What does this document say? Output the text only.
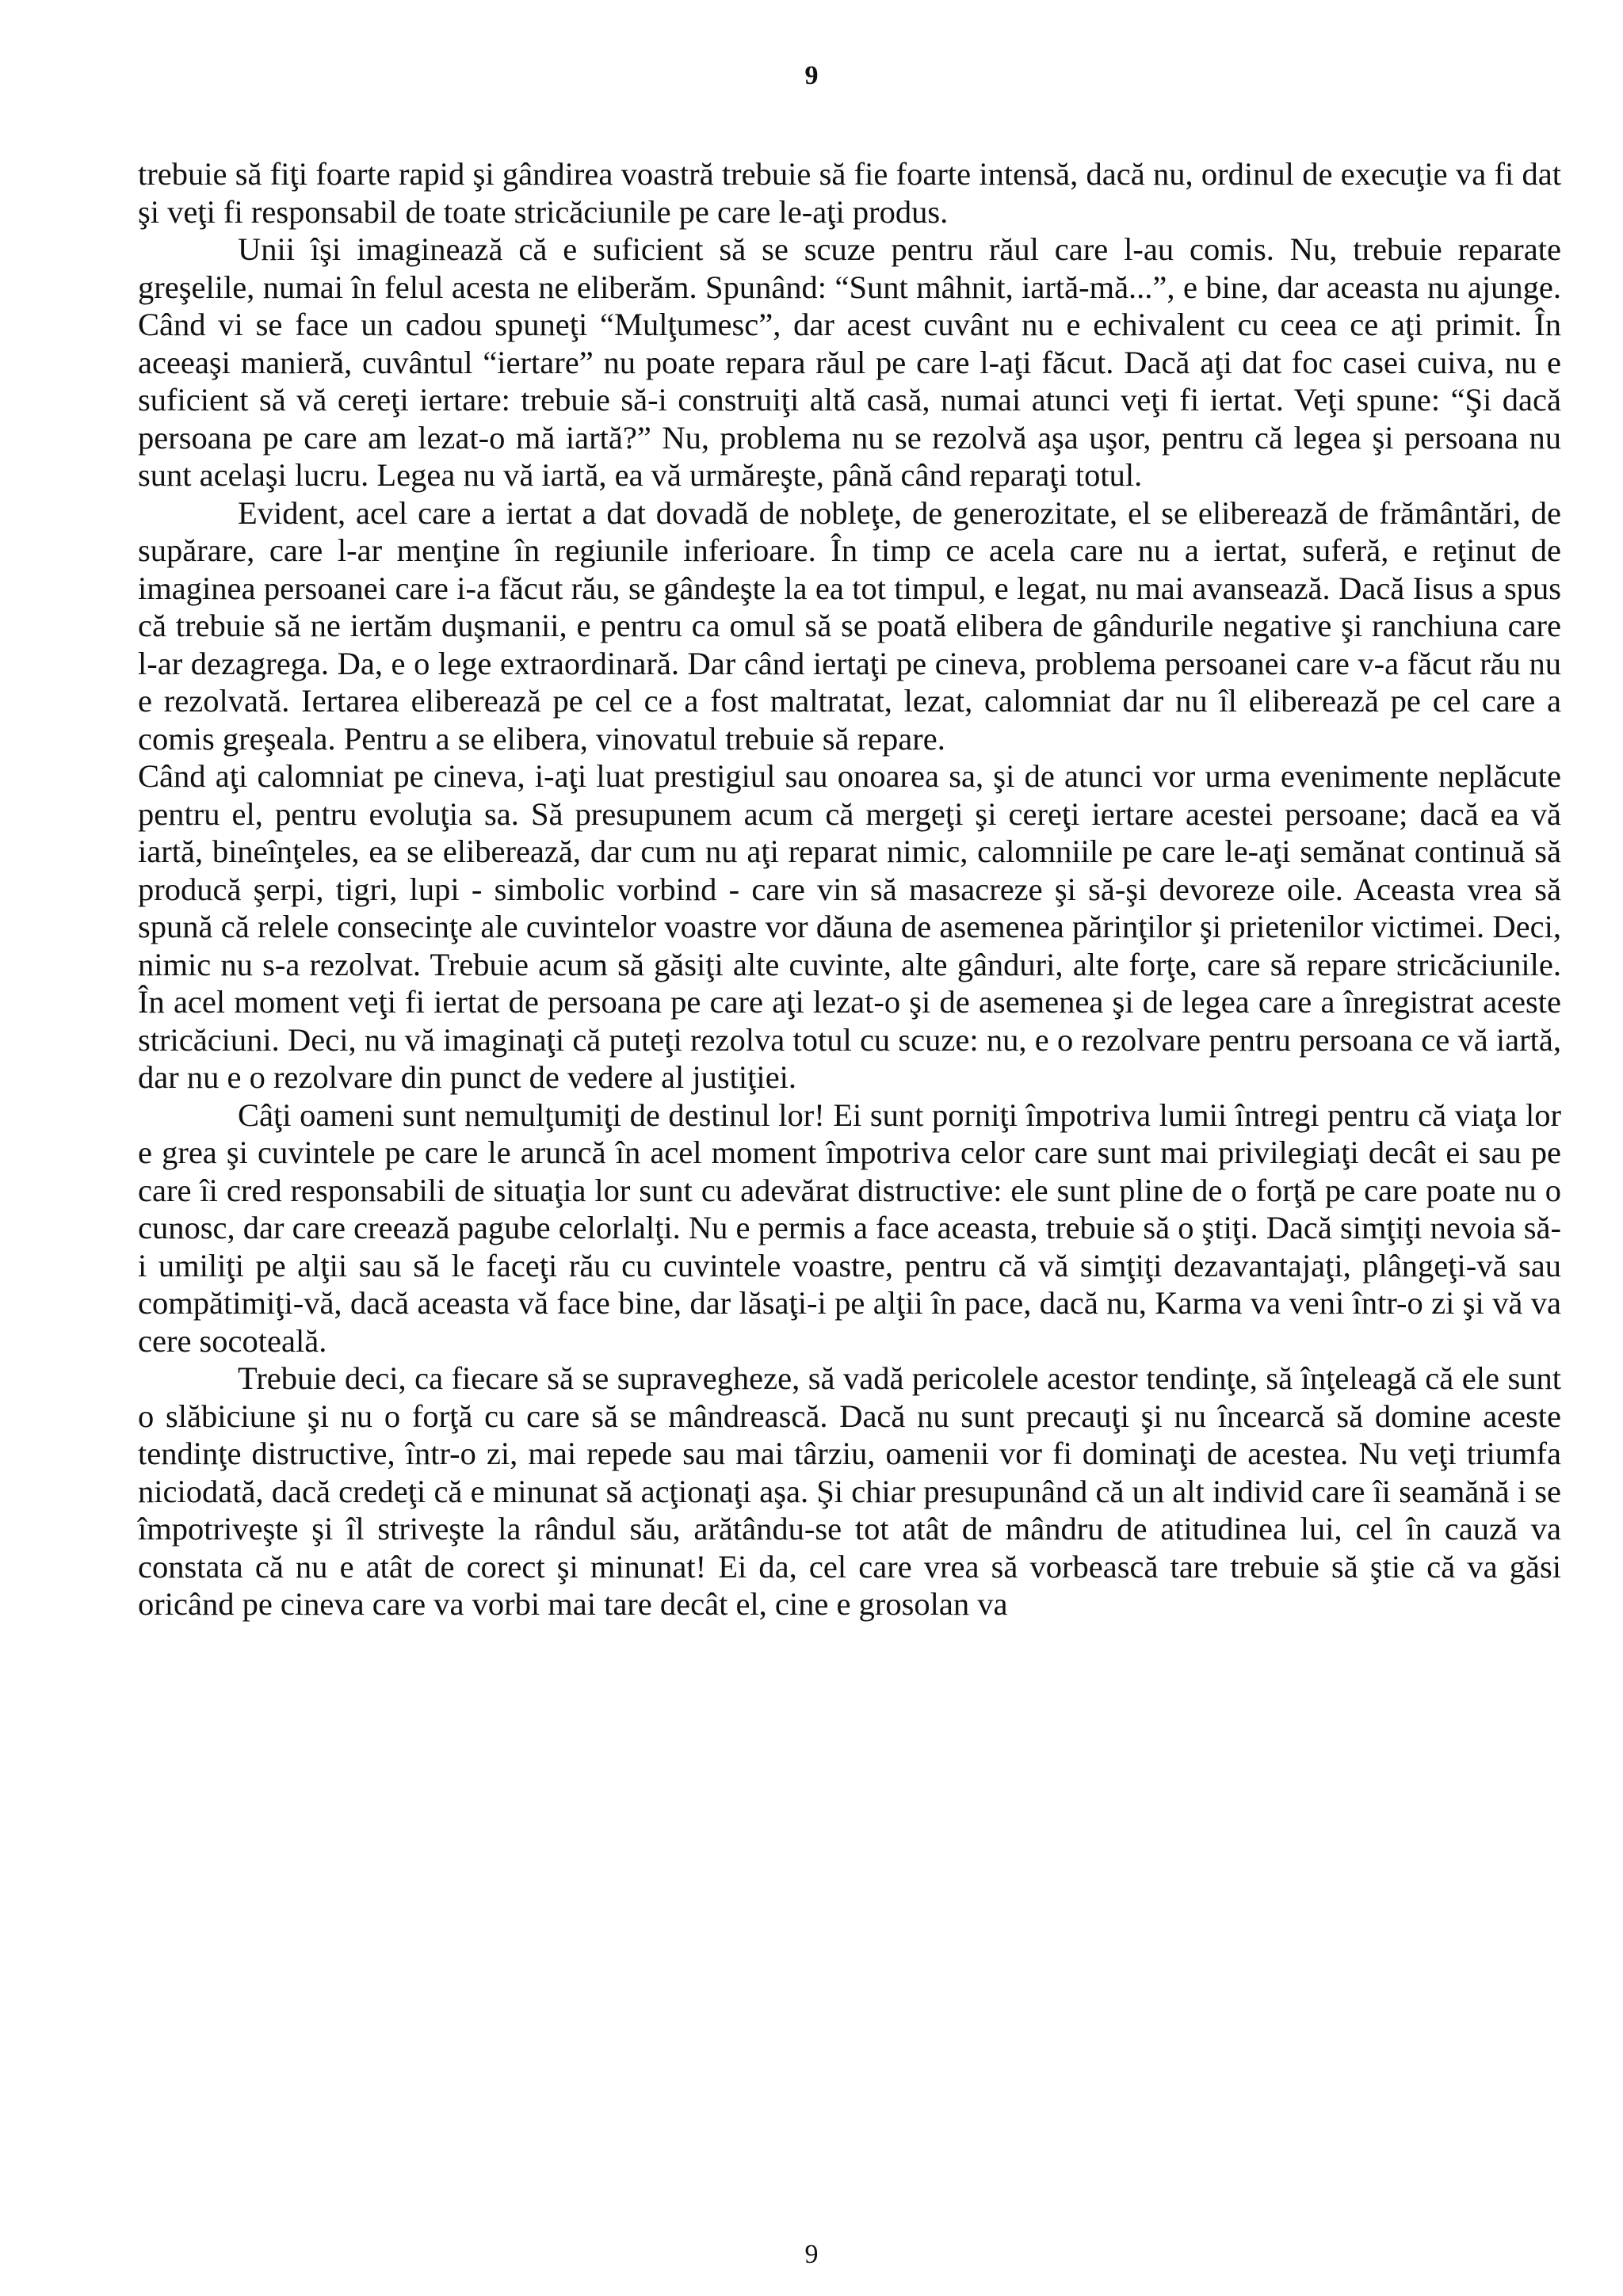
9

trebuie să fiţi foarte rapid şi gândirea voastră trebuie să fie foarte intensă, dacă nu, ordinul de execuţie va fi dat şi veţi fi responsabil de toate stricăciunile pe care le-aţi produs.

Unii îşi imaginează că e suficient să se scuze pentru răul care l-au comis. Nu, trebuie reparate greşelile, numai în felul acesta ne eliberăm. Spunând: “Sunt mâhnit, iartă-mă...”, e bine, dar aceasta nu ajunge. Când vi se face un cadou spuneţi “Mulţumesc”, dar acest cuvânt nu e echivalent cu ceea ce aţi primit. În aceeaşi manieră, cuvântul “iertare” nu poate repara răul pe care l-aţi făcut. Dacă aţi dat foc casei cuiva, nu e suficient să vă cereţi iertare: trebuie să-i construiţi altă casă, numai atunci veţi fi iertat. Veţi spune: “Şi dacă persoana pe care am lezat-o mă iartă?” Nu, problema nu se rezolvă aşa uşor, pentru că legea şi persoana nu sunt acelaşi lucru. Legea nu vă iartă, ea vă urmăreşte, până când reparaţi totul.

Evident, acel care a iertat a dat dovadă de nobleţe, de generozitate, el se eliberează de frământări, de supărare, care l-ar menţine în regiunile inferioare. În timp ce acela care nu a iertat, suferă, e reţinut de imaginea persoanei care i-a făcut rău, se gândeşte la ea tot timpul, e legat, nu mai avansează. Dacă Iisus a spus că trebuie să ne iertăm duşmanii, e pentru ca omul să se poată elibera de gândurile negative şi ranchiuna care l-ar dezagrega. Da, e o lege extraordinară. Dar când iertaţi pe cineva, problema persoanei care v-a făcut rău nu e rezolvată. Iertarea eliberează pe cel ce a fost maltratat, lezat, calomniat dar nu îl eliberează pe cel care a comis greşeala. Pentru a se elibera, vinovatul trebuie să repare.

Când aţi calomniat pe cineva, i-aţi luat prestigiul sau onoarea sa, şi de atunci vor urma evenimente neplăcute pentru el, pentru evoluţia sa. Să presupunem acum că mergeţi şi cereţi iertare acestei persoane; dacă ea vă iartă, bineînţeles, ea se eliberează, dar cum nu aţi reparat nimic, calomniile pe care le-aţi semănat continuă să producă şerpi, tigri, lupi - simbolic vorbind - care vin să masacreze şi să-şi devoreze oile. Aceasta vrea să spună că relele consecinţe ale cuvintelor voastre vor dăuna de asemenea părinţilor şi prietenilor victimei. Deci, nimic nu s-a rezolvat. Trebuie acum să găsiţi alte cuvinte, alte gânduri, alte forţe, care să repare stricăciunile. În acel moment veţi fi iertat de persoana pe care aţi lezat-o şi de asemenea şi de legea care a înregistrat aceste stricăciuni. Deci, nu vă imaginaţi că puteţi rezolva totul cu scuze: nu, e o rezolvare pentru persoana ce vă iartă, dar nu e o rezolvare din punct de vedere al justiţiei.

Câţi oameni sunt nemulţumiţi de destinul lor! Ei sunt porniţi împotriva lumii întregi pentru că viaţa lor e grea şi cuvintele pe care le aruncă în acel moment împotriva celor care sunt mai privilegiaţi decât ei sau pe care îi cred responsabili de situaţia lor sunt cu adevărat distructive: ele sunt pline de o forţă pe care poate nu o cunosc, dar care creează pagube celorlalţi. Nu e permis a face aceasta, trebuie să o ştiţi. Dacă simţiţi nevoia să-i umiliţi pe alţii sau să le faceţi rău cu cuvintele voastre, pentru că vă simţiţi dezavantajaţi, plângeţi-vă sau compătimiţi-vă, dacă aceasta vă face bine, dar lăsaţi-i pe alţii în pace, dacă nu, Karma va veni într-o zi şi vă va cere socoteală.

Trebuie deci, ca fiecare să se supravegheze, să vadă pericolele acestor tendinţe, să înţeleagă că ele sunt o slăbiciune şi nu o forţă cu care să se mândrească. Dacă nu sunt precauţi şi nu încearcă să domine aceste tendinţe distructive, într-o zi, mai repede sau mai târziu, oamenii vor fi dominaţi de acestea. Nu veţi triumfa niciodată, dacă credeţi că e minunat să acţionaţi aşa. Şi chiar presupunând că un alt individ care îi seamănă i se împotriveşte şi îl striveşte la rândul său, arătându-se tot atât de mândru de atitudinea lui, cel în cauză va constata că nu e atât de corect şi minunat! Ei da, cel care vrea să vorbească tare trebuie să ştie că va găsi oricând pe cineva care va vorbi mai tare decât el, cine e grosolan va

9
